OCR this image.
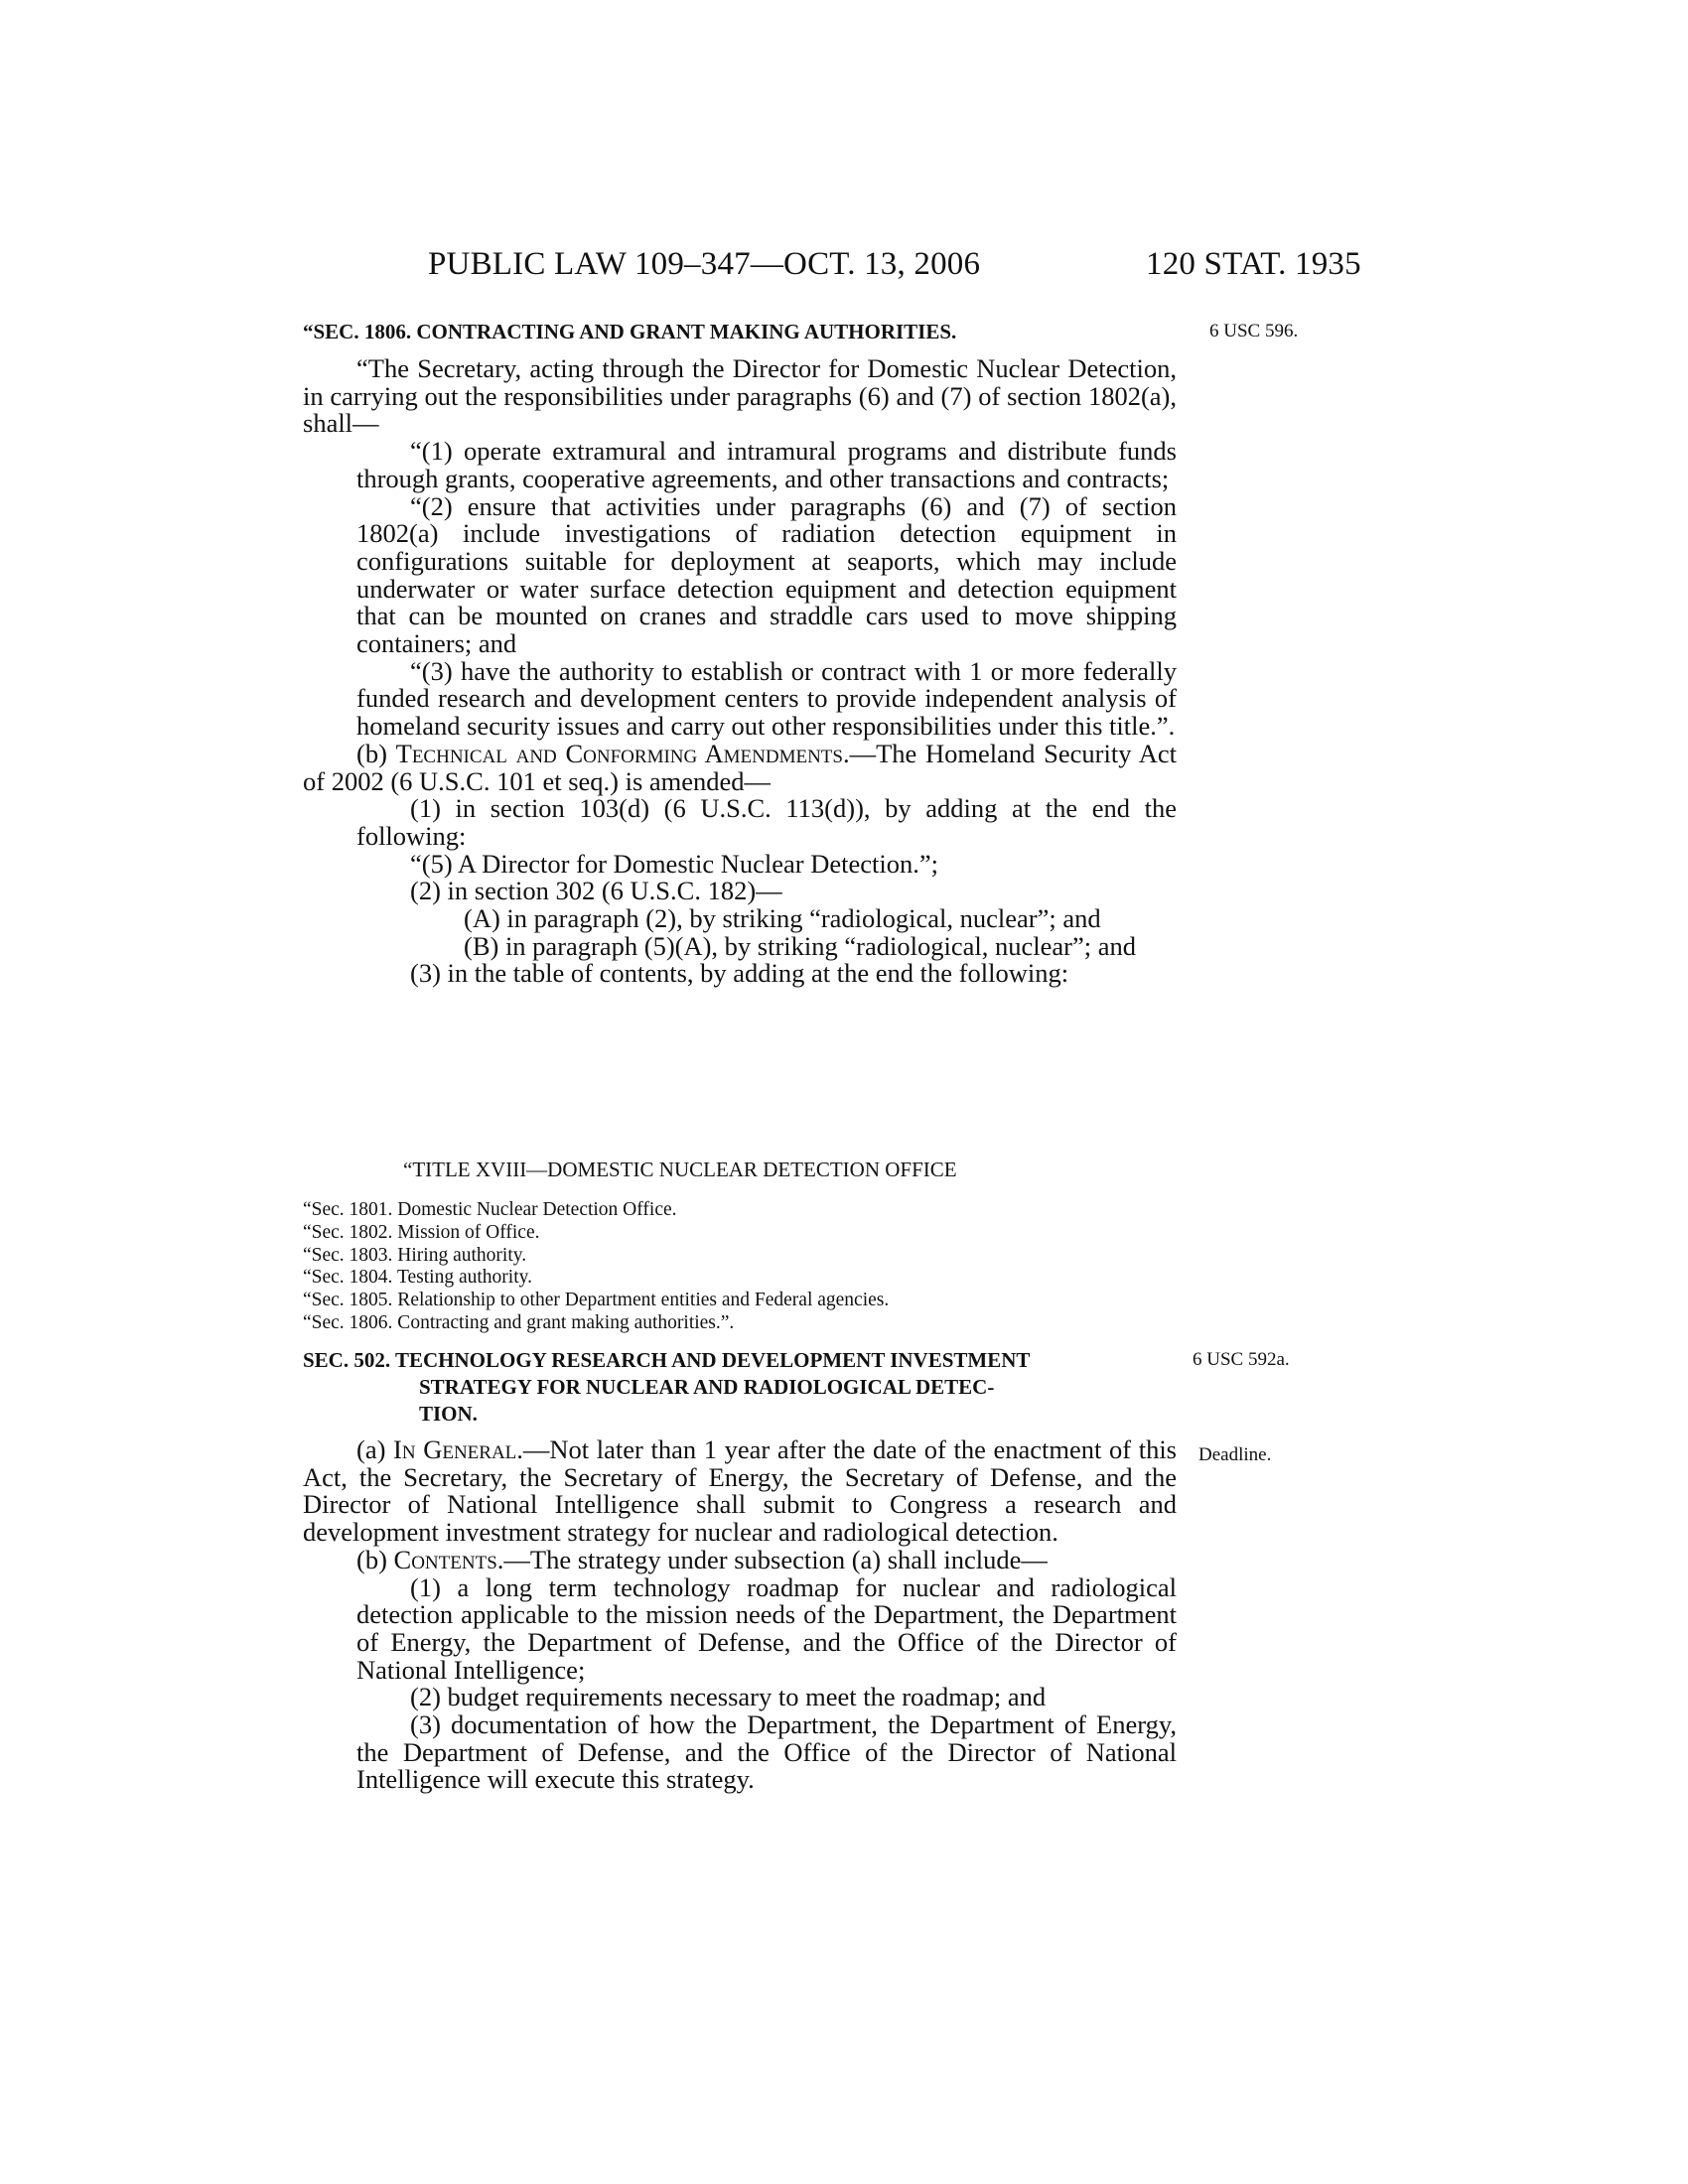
PUBLIC LAW 109–347—OCT. 13, 2006	120 STAT. 1935
“SEC. 1806. CONTRACTING AND GRANT MAKING AUTHORITIES.	6 USC 596.

“The Secretary, acting through the Director for Domestic Nuclear Detection, in carrying out the responsibilities under paragraphs (6) and (7) of section 1802(a), shall—

“(1) operate extramural and intramural programs and distribute funds through grants, cooperative agreements, and other transactions and contracts;

“(2) ensure that activities under paragraphs (6) and (7) of section 1802(a) include investigations of radiation detection equipment in configurations suitable for deployment at seaports, which may include underwater or water surface detection equipment and detection equipment that can be mounted on cranes and straddle cars used to move shipping containers; and

“(3) have the authority to establish or contract with 1 or more federally funded research and development centers to provide independent analysis of homeland security issues and carry out other responsibilities under this title.”.

(b) Technical and Conforming Amendments.—The Homeland Security Act of 2002 (6 U.S.C. 101 et seq.) is amended—

(1) in section 103(d) (6 U.S.C. 113(d)), by adding at the end the following:

“(5) A Director for Domestic Nuclear Detection.”;

(2) in section 302 (6 U.S.C. 182)—

(A) in paragraph (2), by striking “radiological, nuclear”; and

(B) in paragraph (5)(A), by striking “radiological, nuclear”; and

(3) in the table of contents, by adding at the end the following:

“TITLE XVIII—DOMESTIC NUCLEAR DETECTION OFFICE
“Sec. 1801. Domestic Nuclear Detection Office.
“Sec. 1802. Mission of Office.
“Sec. 1803. Hiring authority.
“Sec. 1804. Testing authority.
“Sec. 1805. Relationship to other Department entities and Federal agencies.
“Sec. 1806. Contracting and grant making authorities.”.
SEC. 502. TECHNOLOGY RESEARCH AND DEVELOPMENT INVESTMENT
STRATEGY FOR NUCLEAR AND RADIOLOGICAL DETEC-
TION.
6 USC 592a.
Deadline.

(a) In General.—Not later than 1 year after the date of the enactment of this Act, the Secretary, the Secretary of Energy, the Secretary of Defense, and the Director of National Intelligence shall submit to Congress a research and development investment strategy for nuclear and radiological detection.

(b) Contents.—The strategy under subsection (a) shall include—

(1) a long term technology roadmap for nuclear and radiological detection applicable to the mission needs of the Department, the Department of Energy, the Department of Defense, and the Office of the Director of National Intelligence;

(2) budget requirements necessary to meet the roadmap; and

(3) documentation of how the Department, the Department of Energy, the Department of Defense, and the Office of the Director of National Intelligence will execute this strategy.
